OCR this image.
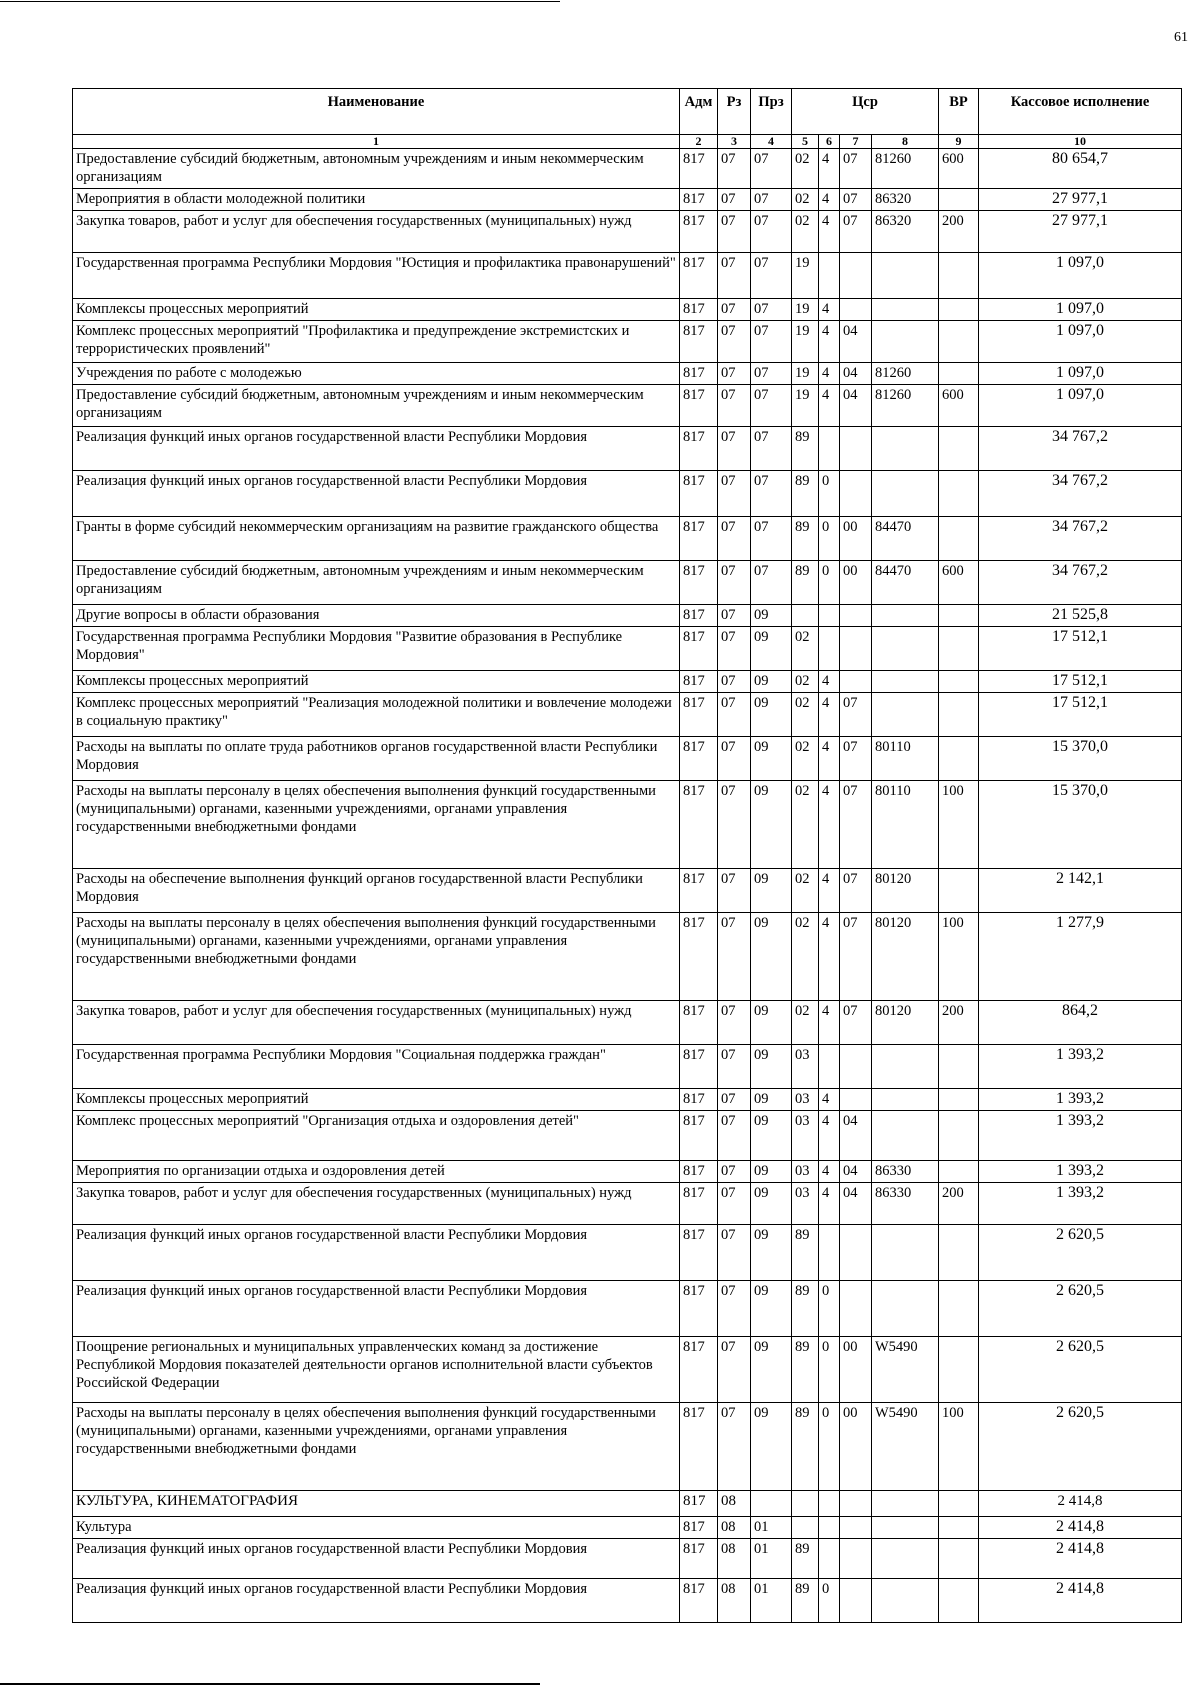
61
Наименование	Адм	Рз	Прз	Цср				ВР	Кассовое исполнение
1	2	3	4	5	6	7	8	9	10
Предоставление субсидий бюджетным, автономным учреждениям и иным некоммерческим организациям	817	07	07	02	4	07	81260	600	80 654,7
Мероприятия в области молодежной политики	817	07	07	02	4	07	86320		27 977,1
Закупка товаров, работ и услуг для обеспечения государственных (муниципальных) нужд	817	07	07	02	4	07	86320	200	27 977,1
Государственная программа Республики Мордовия "Юстиция и профилактика правонарушений"	817	07	07	19					1 097,0
Комплексы процессных мероприятий	817	07	07	19	4				1 097,0
Комплекс процессных мероприятий "Профилактика и предупреждение экстремистских и террористических проявлений"	817	07	07	19	4	04			1 097,0
Учреждения по работе с молодежью	817	07	07	19	4	04	81260		1 097,0
Предоставление субсидий бюджетным, автономным учреждениям и иным некоммерческим организациям	817	07	07	19	4	04	81260	600	1 097,0
Реализация функций иных органов государственной власти Республики Мордовия	817	07	07	89					34 767,2
Реализация функций иных органов государственной власти Республики Мордовия	817	07	07	89	0				34 767,2
Гранты в форме субсидий некоммерческим организациям на развитие гражданского общества	817	07	07	89	0	00	84470		34 767,2
Предоставление субсидий бюджетным, автономным учреждениям и иным некоммерческим организациям	817	07	07	89	0	00	84470	600	34 767,2
Другие вопросы в области образования	817	07	09						21 525,8
Государственная программа Республики Мордовия "Развитие образования в Республике Мордовия"	817	07	09	02					17 512,1
Комплексы процессных мероприятий	817	07	09	02	4				17 512,1
Комплекс процессных мероприятий "Реализация молодежной политики и вовлечение молодежи в социальную практику"	817	07	09	02	4	07			17 512,1
Расходы на выплаты по оплате труда работников органов государственной власти Республики Мордовия	817	07	09	02	4	07	80110		15 370,0
Расходы на выплаты персоналу в целях обеспечения выполнения функций государственными (муниципальными) органами, казенными учреждениями, органами управления государственными внебюджетными фондами	817	07	09	02	4	07	80110	100	15 370,0
Расходы на обеспечение выполнения функций органов государственной власти Республики Мордовия	817	07	09	02	4	07	80120		2 142,1
Расходы на выплаты персоналу в целях обеспечения выполнения функций государственными (муниципальными) органами, казенными учреждениями, органами управления государственными внебюджетными фондами	817	07	09	02	4	07	80120	100	1 277,9
Закупка товаров, работ и услуг для обеспечения государственных (муниципальных) нужд	817	07	09	02	4	07	80120	200	864,2
Государственная программа Республики Мордовия "Социальная поддержка граждан"	817	07	09	03					1 393,2
Комплексы процессных мероприятий	817	07	09	03	4				1 393,2
Комплекс процессных мероприятий "Организация отдыха и оздоровления детей"	817	07	09	03	4	04			1 393,2
Мероприятия по организации отдыха и оздоровления детей	817	07	09	03	4	04	86330		1 393,2
Закупка товаров, работ и услуг для обеспечения государственных (муниципальных) нужд	817	07	09	03	4	04	86330	200	1 393,2
Реализация функций иных органов государственной власти Республики Мордовия	817	07	09	89					2 620,5
Реализация функций иных органов государственной власти Республики Мордовия	817	07	09	89	0				2 620,5
Поощрение региональных и муниципальных управленческих команд за достижение Республикой Мордовия показателей деятельности органов исполнительной власти субъектов Российской Федерации	817	07	09	89	0	00	W5490		2 620,5
Расходы на выплаты персоналу в целях обеспечения выполнения функций государственными (муниципальными) органами, казенными учреждениями, органами управления государственными внебюджетными фондами	817	07	09	89	0	00	W5490	100	2 620,5
КУЛЬТУРА, КИНЕМАТОГРАФИЯ	817	08							2 414,8
Культура	817	08	01						2 414,8
Реализация функций иных органов государственной власти Республики Мордовия	817	08	01	89					2 414,8
Реализация функций иных органов государственной власти Республики Мордовия	817	08	01	89	0				2 414,8
